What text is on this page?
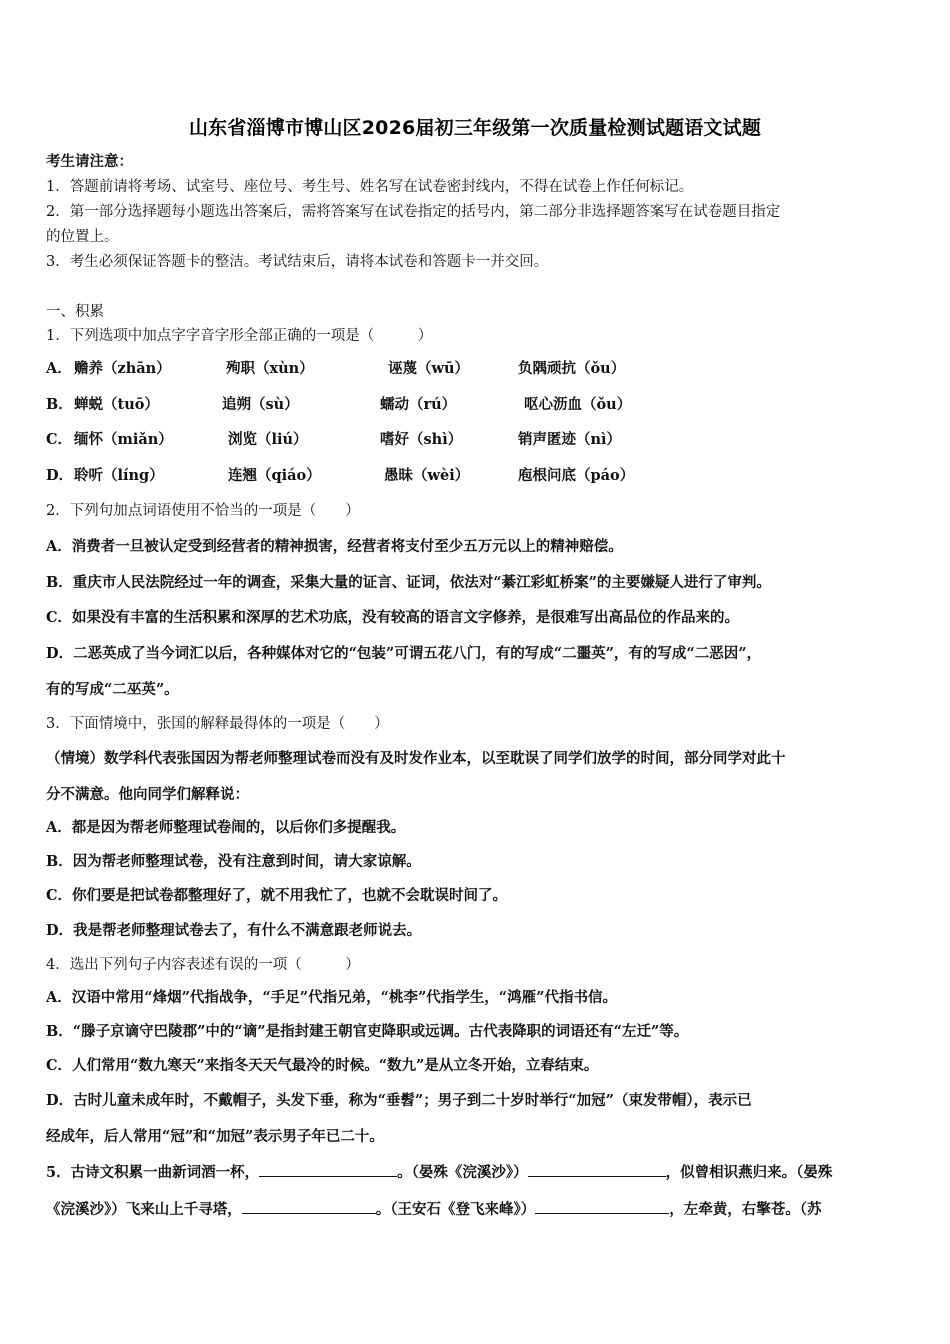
山东省淄博市博山区2026届初三年级第一次质量检测试题语文试题
考生请注意：
1．答题前请将考场、试室号、座位号、考生号、姓名写在试卷密封线内，不得在试卷上作任何标记。
2．第一部分选择题每小题选出答案后，需将答案写在试卷指定的括号内，第二部分非选择题答案写在试卷题目指定
的位置上。
3．考生必须保证答题卡的整洁。考试结束后，请将本试卷和答题卡一并交回。
一、积累
1．下列选项中加点字字音字形全部正确的一项是（　　　）
A． 赡养（zhān）	殉职（xùn）	诬蔑（wū）	负隅顽抗（ǒu）
B． 蝉蜕（tuō）	追朔（sù）	蠕动（rú）	呕心沥血（ǒu）
C． 缅怀（miǎn）	浏览（liú）	嗜好（shì）	销声匿迹（nì）
D． 聆听（líng）	连翘（qiáo）	愚昧（wèi）	庖根问底（páo）
2．下列句加点词语使用不恰当的一项是（　　）
A．消费者一旦被认定受到经营者的精神损害，经营者将支付至少五万元以上的精神赔偿。
B．重庆市人民法院经过一年的调查，采集大量的证言、证词，依法对“綦江彩虹桥案”的主要嫌疑人进行了审判。
C．如果没有丰富的生活积累和深厚的艺术功底，没有较高的语言文字修养，是很难写出高品位的作品来的。
D．二恶英成了当今词汇以后，各种媒体对它的“包装”可谓五花八门，有的写成“二噩英”，有的写成“二恶因”，
有的写成“二巫英”。
3．下面情境中，张国的解释最得体的一项是（　　）
（情境）数学科代表张国因为帮老师整理试卷而没有及时发作业本，以至耽误了同学们放学的时间，部分同学对此十
分不满意。他向同学们解释说：
A．都是因为帮老师整理试卷闹的，以后你们多提醒我。
B．因为帮老师整理试卷，没有注意到时间，请大家谅解。
C．你们要是把试卷都整理好了，就不用我忙了，也就不会耽误时间了。
D．我是帮老师整理试卷去了，有什么不满意跟老师说去。
4．选出下列句子内容表述有误的一项（　　　）
A．汉语中常用“烽烟”代指战争，“手足”代指兄弟，“桃李”代指学生，“鸿雁”代指书信。
B．“滕子京谪守巴陵郡”中的“谪”是指封建王朝官吏降职或远调。古代表降职的词语还有“左迁”等。
C．人们常用“数九寒天”来指冬天天气最冷的时候。“数九”是从立冬开始，立春结束。
D．古时儿童未成年时，不戴帽子，头发下垂，称为“垂髫”；男子到二十岁时举行“加冠”（束发带帽），表示已
经成年，后人常用“冠”和“加冠”表示男子年已二十。
5．古诗文积累一曲新词酒一杯，	。（晏殊《浣溪沙》）	，似曾相识燕归来。（晏殊
《浣溪沙》）飞来山上千寻塔，	。（王安石《登飞来峰》）	，左牵黄，右擎苍。（苏
